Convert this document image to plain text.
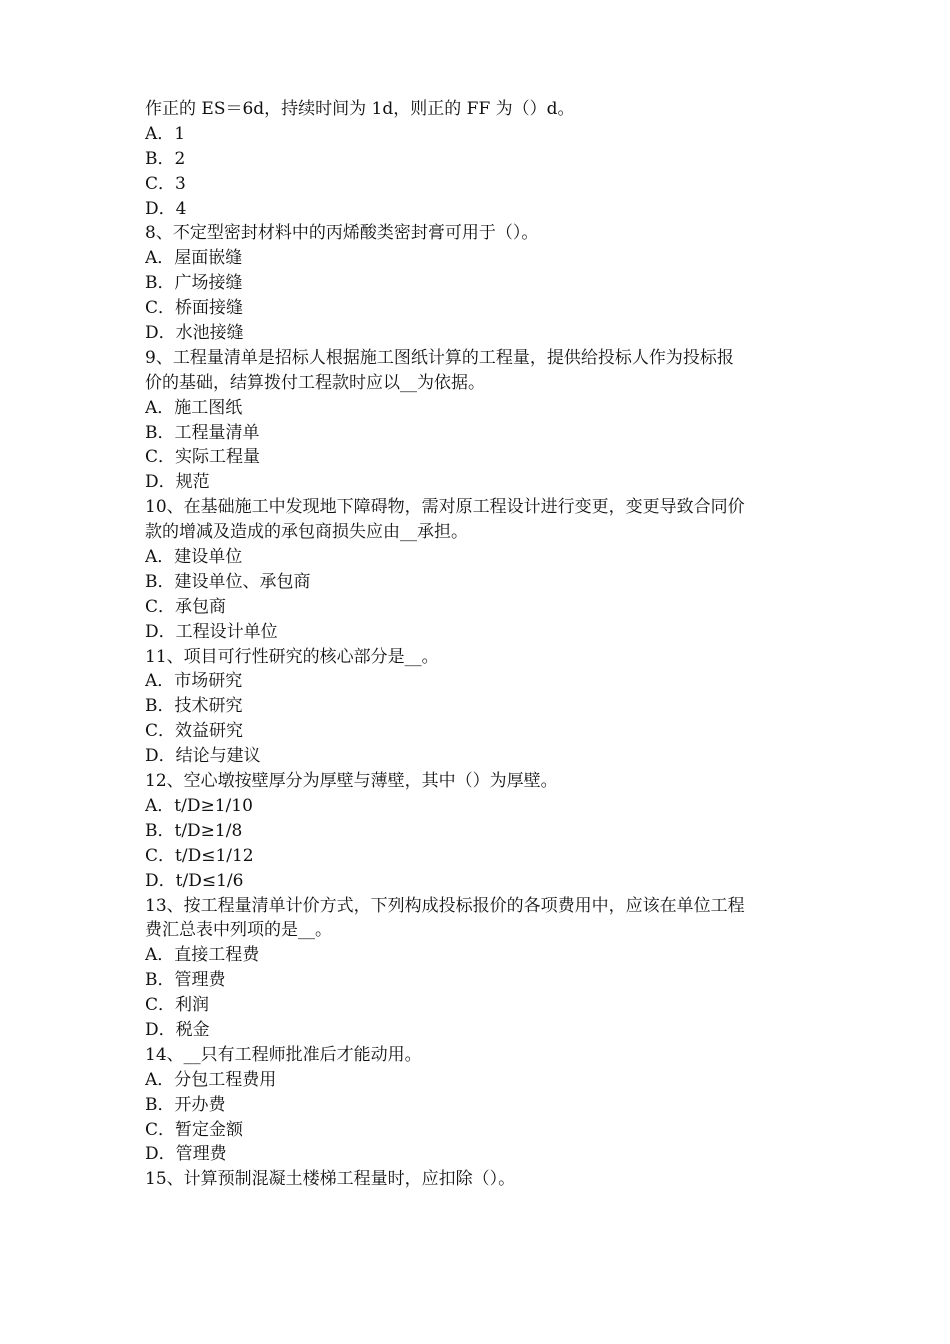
作正的 ES＝6d，持续时间为 1d，则正的 FF 为（）d。
A．1
B．2
C．3
D．4
8、不定型密封材料中的丙烯酸类密封膏可用于（）。
A．屋面嵌缝
B．广场接缝
C．桥面接缝
D．水池接缝
9、工程量清单是招标人根据施工图纸计算的工程量，提供给投标人作为投标报
价的基础，结算拨付工程款时应以__为依据。
A．施工图纸
B．工程量清单
C．实际工程量
D．规范
10、在基础施工中发现地下障碍物，需对原工程设计进行变更，变更导致合同价
款的增减及造成的承包商损失应由__承担。
A．建设单位
B．建设单位、承包商
C．承包商
D．工程设计单位
11、项目可行性研究的核心部分是__。
A．市场研究
B．技术研究
C．效益研究
D．结论与建议
12、空心墩按壁厚分为厚壁与薄壁，其中（）为厚壁。
A．t/D≥1/10
B．t/D≥1/8
C．t/D≤1/12
D．t/D≤1/6
13、按工程量清单计价方式，下列构成投标报价的各项费用中，应该在单位工程
费汇总表中列项的是__。
A．直接工程费
B．管理费
C．利润
D．税金
14、__只有工程师批准后才能动用。
A．分包工程费用
B．开办费
C．暂定金额
D．管理费
15、计算预制混凝土楼梯工程量时，应扣除（）。
